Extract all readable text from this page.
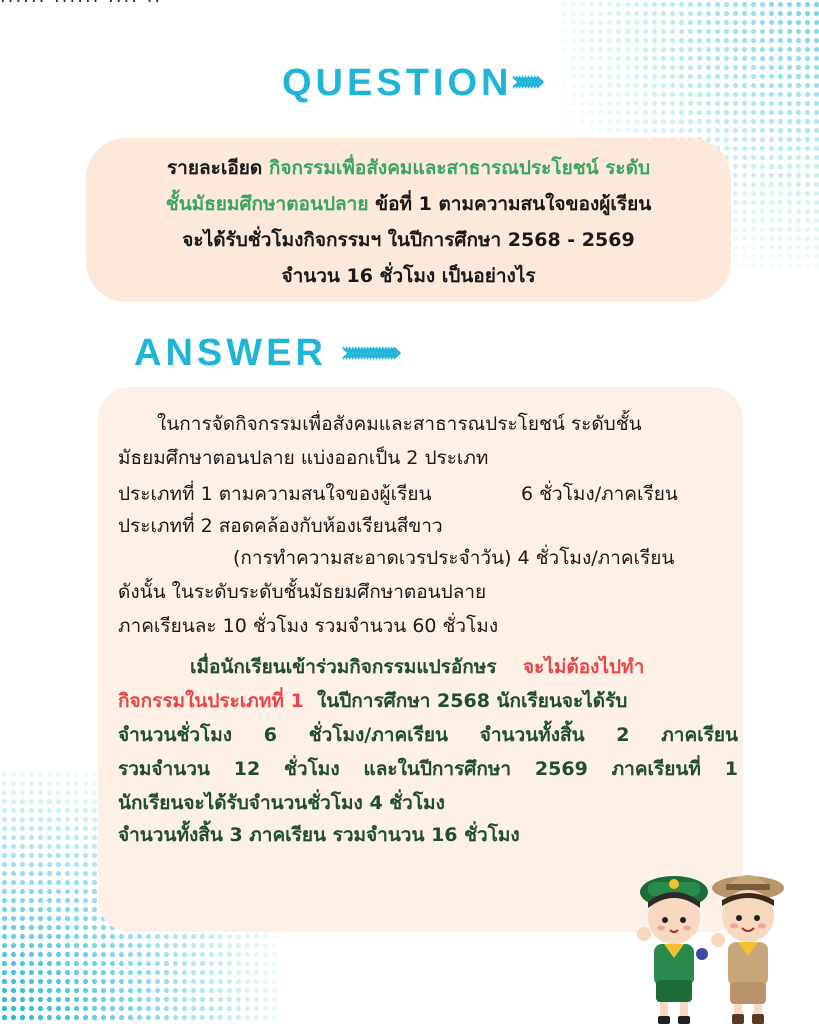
QUESTION
›››››››››
รายละเอียด กิจกรรมเพื่อสังคมและสาธารณประโยชน์ ระดับ
ชั้นมัธยมศึกษาตอนปลาย ข้อที่ 1 ตามความสนใจของผู้เรียน
จะได้รับชั่วโมงกิจกรรมฯ ในปีการศึกษา 2568 - 2569
จำนวน 16 ชั่วโมง เป็นอย่างไร
ANSWER ››››››››››››››››››
ในการจัดกิจกรรมเพื่อสังคมและสาธารณประโยชน์ ระดับชั้น
มัธยมศึกษาตอนปลาย แบ่งออกเป็น 2 ประเภท
ประเภทที่ 1 ตามความสนใจของผู้เรียน	6 ชั่วโมง/ภาคเรียน
ประเภทที่ 2 สอดคล้องกับห้องเรียนสีขาว
(การทำความสะอาดเวรประจำวัน) 4 ชั่วโมง/ภาคเรียน
ดังนั้น ในระดับระดับชั้นมัธยมศึกษาตอนปลาย
ภาคเรียนละ 10 ชั่วโมง รวมจำนวน 60 ชั่วโมง
เมื่อนักเรียนเข้าร่วมกิจกรรมแปรอักษร จะไม่ต้องไปทำ
กิจกรรมในประเภทที่ 1 ในปีการศึกษา 2568 นักเรียนจะได้รับ
จำนวนชั่วโมง 6 ชั่วโมง/ภาคเรียน จำนวนทั้งสิ้น 2 ภาคเรียน
รวมจำนวน 12 ชั่วโมง และในปีการศึกษา 2569 ภาคเรียนที่ 1
นักเรียนจะได้รับจำนวนชั่วโมง 4 ชั่วโมง
จำนวนทั้งสิ้น 3 ภาคเรียน รวมจำนวน 16 ชั่วโมง
